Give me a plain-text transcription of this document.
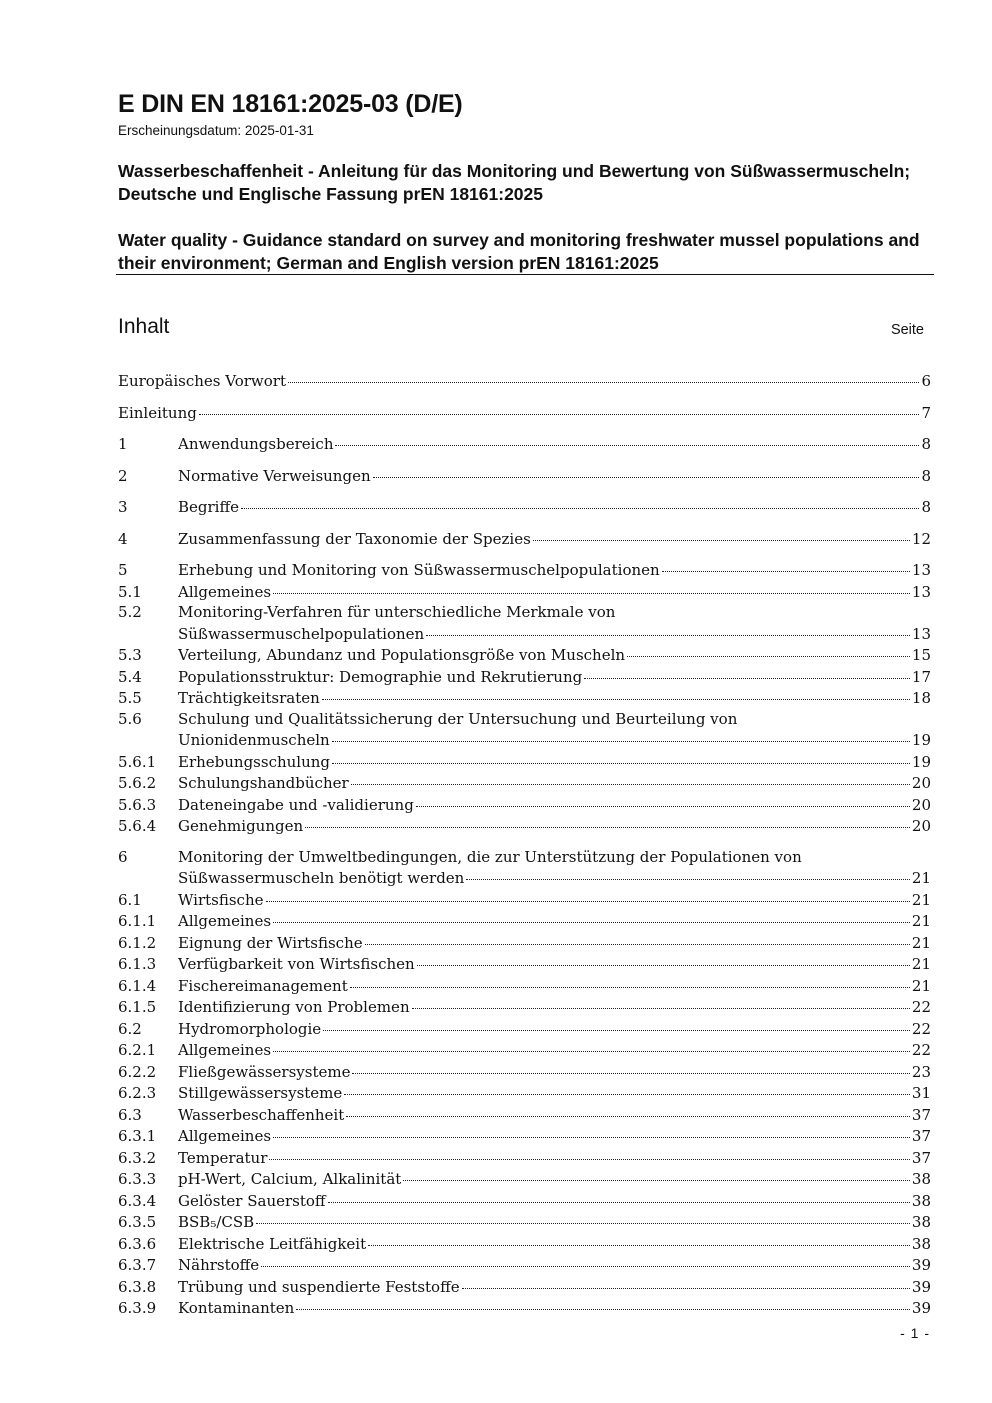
E DIN EN 18161:2025-03 (D/E)
Erscheinungsdatum: 2025-01-31
Wasserbeschaffenheit - Anleitung für das Monitoring und Bewertung von Süßwassermuscheln; Deutsche und Englische Fassung prEN 18161:2025
Water quality - Guidance standard on survey and monitoring freshwater mussel populations and their environment; German and English version prEN 18161:2025
Inhalt	Seite
Europäisches Vorwort	6
Einleitung	7
1	Anwendungsbereich	8
2	Normative Verweisungen	8
3	Begriffe	8
4	Zusammenfassung der Taxonomie der Spezies	12
5	Erhebung und Monitoring von Süßwassermuschelpopulationen	13
5.1	Allgemeines	13
5.2 Monitoring-Verfahren für unterschiedliche Merkmale von
Süßwassermuschelpopulationen	13
5.3	Verteilung, Abundanz und Populationsgröße von Muscheln	15
5.4	Populationsstruktur: Demographie und Rekrutierung	17
5.5	Trächtigkeitsraten	18
5.6 Schulung und Qualitätssicherung der Untersuchung und Beurteilung von
Unionidenmuscheln	19
5.6.1	Erhebungsschulung	19
5.6.2	Schulungshandbücher	20
5.6.3	Dateneingabe und -validierung	20
5.6.4	Genehmigungen	20
6	Monitoring der Umweltbedingungen, die zur Unterstützung der Populationen von
Süßwassermuscheln benötigt werden	21
6.1	Wirtsfische	21
6.1.1	Allgemeines	21
6.1.2	Eignung der Wirtsfische	21
6.1.3	Verfügbarkeit von Wirtsfischen	21
6.1.4	Fischereimanagement	21
6.1.5	Identifizierung von Problemen	22
6.2	Hydromorphologie	22
6.2.1	Allgemeines	22
6.2.2	Fließgewässersysteme	23
6.2.3	Stillgewässersysteme	31
6.3	Wasserbeschaffenheit	37
6.3.1	Allgemeines	37
6.3.2	Temperatur	37
6.3.3	pH-Wert, Calcium, Alkalinität	38
6.3.4	Gelöster Sauerstoff	38
6.3.5	BSB₅/CSB	38
6.3.6	Elektrische Leitfähigkeit	38
6.3.7	Nährstoffe	39
6.3.8	Trübung und suspendierte Feststoffe	39
6.3.9	Kontaminanten	39
- 1 -
